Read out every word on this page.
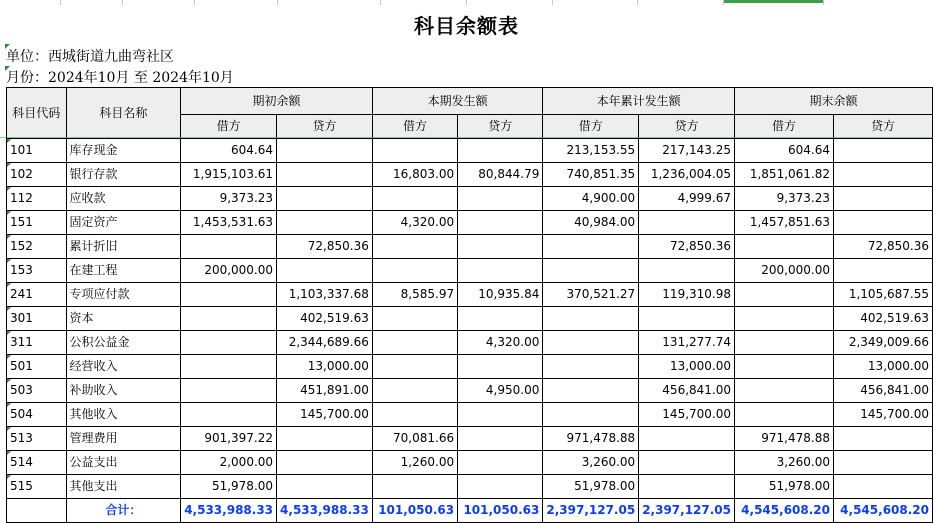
科目余额表
单位：西城街道九曲弯社区
月份：2024年10月 至 2024年10月
科目代码	科目名称	期初余额		本期发生额		本年累计发生额		期末余额	
		借方	贷方	借方	贷方	借方	贷方	借方	贷方
101	库存现金	604.64				213,153.55	217,143.25	604.64	
102	银行存款	1,915,103.61		16,803.00	80,844.79	740,851.35	1,236,004.05	1,851,061.82	
112	应收款	9,373.23				4,900.00	4,999.67	9,373.23	
151	固定资产	1,453,531.63		4,320.00		40,984.00		1,457,851.63	
152	累计折旧		72,850.36				72,850.36		72,850.36
153	在建工程	200,000.00						200,000.00	
241	专项应付款		1,103,337.68	8,585.97	10,935.84	370,521.27	119,310.98		1,105,687.55
301	资本		402,519.63						402,519.63
311	公积公益金		2,344,689.66		4,320.00		131,277.74		2,349,009.66
501	经营收入		13,000.00				13,000.00		13,000.00
503	补助收入		451,891.00		4,950.00		456,841.00		456,841.00
504	其他收入		145,700.00				145,700.00		145,700.00
513	管理费用	901,397.22		70,081.66		971,478.88		971,478.88	
514	公益支出	2,000.00		1,260.00		3,260.00		3,260.00	
515	其他支出	51,978.00				51,978.00		51,978.00	
	合计：	4,533,988.33	4,533,988.33	101,050.63	101,050.63	2,397,127.05	2,397,127.05	4,545,608.20	4,545,608.20
